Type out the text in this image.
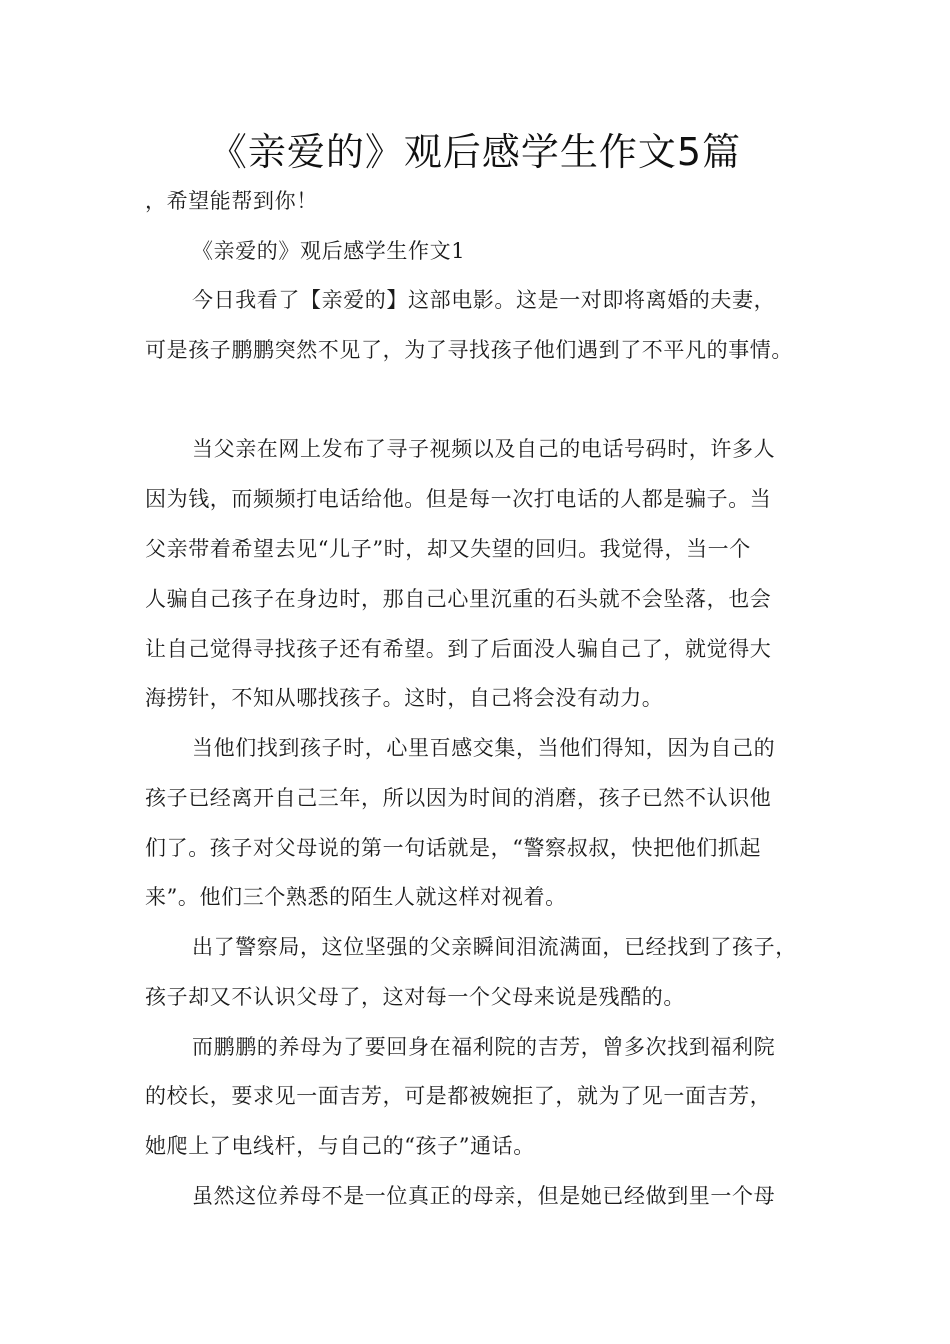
《亲爱的》观后感学生作文5篇
，希望能帮到你！
《亲爱的》观后感学生作文1
今日我看了【亲爱的】这部电影。这是一对即将离婚的夫妻，
可是孩子鹏鹏突然不见了，为了寻找孩子他们遇到了不平凡的事情。
当父亲在网上发布了寻子视频以及自己的电话号码时，许多人
因为钱，而频频打电话给他。但是每一次打电话的人都是骗子。当
父亲带着希望去见“儿子”时，却又失望的回归。我觉得，当一个
人骗自己孩子在身边时，那自己心里沉重的石头就不会坠落，也会
让自己觉得寻找孩子还有希望。到了后面没人骗自己了，就觉得大
海捞针，不知从哪找孩子。这时，自己将会没有动力。
当他们找到孩子时，心里百感交集，当他们得知，因为自己的
孩子已经离开自己三年，所以因为时间的消磨，孩子已然不认识他
们了。孩子对父母说的第一句话就是，“警察叔叔，快把他们抓起
来”。他们三个熟悉的陌生人就这样对视着。
出了警察局，这位坚强的父亲瞬间泪流满面，已经找到了孩子，
孩子却又不认识父母了，这对每一个父母来说是残酷的。
而鹏鹏的养母为了要回身在福利院的吉芳，曾多次找到福利院
的校长，要求见一面吉芳，可是都被婉拒了，就为了见一面吉芳，
她爬上了电线杆，与自己的“孩子”通话。
虽然这位养母不是一位真正的母亲，但是她已经做到里一个母
